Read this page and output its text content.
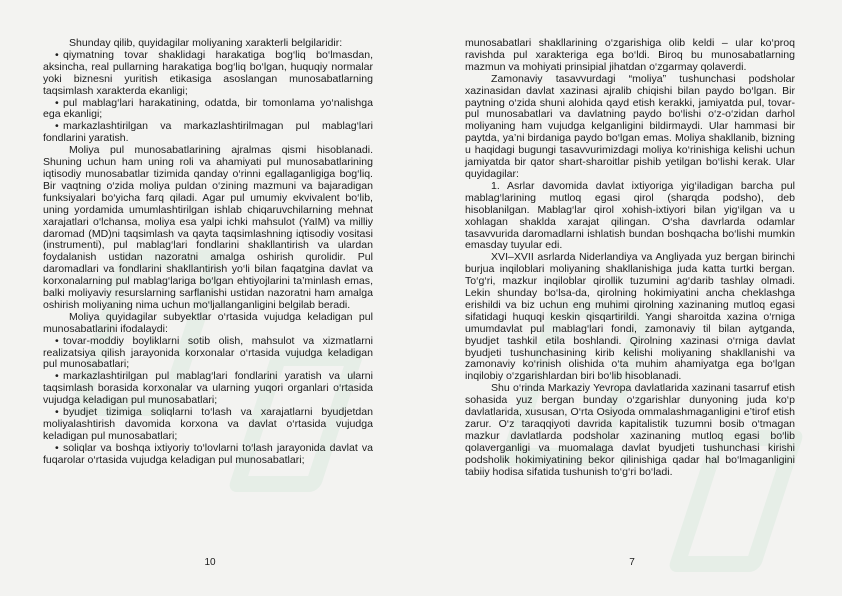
Shunday qilib, quyidagilar moliyaning xarakterli belgilaridir:

• qiymatning tovar shaklidagi harakatiga bog‘liq bo‘lmasdan, aksincha, real pullarning harakatiga bog‘liq bo‘lgan, huquqiy normalar yoki biznesni yuritish etikasiga asoslangan munosabatlarning taqsimlash xarakterda ekanligi;

• pul mablag‘lari harakatining, odatda, bir tomonlama yo‘nalishga ega ekanligi;

• markazlashtirilgan va markazlashtirilmagan pul mablag‘lari fondlarini yaratish.

Moliya pul munosabatlarining ajralmas qismi hisoblanadi. Shuning uchun ham uning roli va ahamiyati pul munosabatlarining iqtisodiy munosabatlar tizimida qanday o‘rinni egallaganligiga bog‘liq. Bir vaqtning o‘zida moliya puldan o‘zining mazmuni va bajaradigan funksiyalari bo‘yicha farq qiladi. Agar pul umumiy ekvivalent bo‘lib, uning yordamida umumlashtirilgan ishlab chiqaruvchilarning mehnat xarajatlari o‘lchansa, moliya esa yalpi ichki mahsulot (YaIM) va milliy daromad (MD)ni taqsimlash va qayta taqsimlashning iqtisodiy vositasi (instrumenti), pul mablag‘lari fondlarini shakllantirish va ulardan foydalanish ustidan nazoratni amalga oshirish qurolidir. Pul daromadlari va fondlarini shakllantirish yo‘li bilan faqatgina davlat va korxonalarning pul mablag‘lariga bo‘lgan ehtiyojlarini ta’minlash emas, balki moliyaviy resurslarning sarflanishi ustidan nazoratni ham amalga oshirish moliyaning nima uchun mo‘ljallanganligini belgilab beradi.

Moliya quyidagilar subyektlar o‘rtasida vujudga keladigan pul munosabatlarini ifodalaydi:

• tovar-moddiy boyliklarni sotib olish, mahsulot va xizmatlarni realizatsiya qilish jarayonida korxonalar o‘rtasida vujudga keladigan pul munosabatlari;

• markazlashtirilgan pul mablag‘lari fondlarini yaratish va ularni taqsimlash borasida korxonalar va ularning yuqori organlari o‘rtasida vujudga keladigan pul munosabatlari;

• byudjet tizimiga soliqlarni to‘lash va xarajatlarni byudjetdan moliyalashtirish davomida korxona va davlat o‘rtasida vujudga keladigan pul munosabatlari;

• soliqlar va boshqa ixtiyoriy to‘lovlarni to‘lash jarayonida davlat va fuqarolar o‘rtasida vujudga keladigan pul munosabatlari;

10

munosabatlari shakllarining o‘zgarishiga olib keldi – ular ko‘proq ravishda pul xarakteriga ega bo‘ldi. Biroq bu munosabatlarning mazmun va mohiyati prinsipial jihatdan o‘zgarmay qolaverdi.

Zamonaviy tasavvurdagi “moliya” tushunchasi podsholar xazinasidan davlat xazinasi ajralib chiqishi bilan paydo bo‘lgan. Bir paytning o‘zida shuni alohida qayd etish kerakki, jamiyatda pul, tovar-pul munosabatlari va davlatning paydo bo‘lishi o‘z-o‘zidan darhol moliyaning ham vujudga kelganligini bildirmaydi. Ular hammasi bir paytda, ya’ni birdaniga paydo bo‘lgan emas. Moliya shakllanib, bizning u haqidagi bugungi tasavvurimizdagi moliya ko‘rinishiga kelishi uchun jamiyatda bir qator shart-sharoitlar pishib yetilgan bo‘lishi kerak. Ular quyidagilar:

1. Asrlar davomida davlat ixtiyoriga yig‘iladigan barcha pul mablag‘larining mutloq egasi qirol (sharqda podsho), deb hisoblanilgan. Mablag‘lar qirol xohish-ixtiyori bilan yig‘ilgan va u xohlagan shaklda xarajat qilingan. O‘sha davrlarda odamlar tasavvurida daromadlarni ishlatish bundan boshqacha bo‘lishi mumkin emasday tuyular edi.

XVI–XVII asrlarda Niderlandiya va Angliyada yuz bergan birinchi burjua inqiloblari moliyaning shakllanishiga juda katta turtki bergan. To‘g‘ri, mazkur inqiloblar qirollik tuzumini ag‘darib tashlay olmadi. Lekin shunday bo‘lsa-da, qirolning hokimiyatini ancha cheklashga erishildi va biz uchun eng muhimi qirolning xazinaning mutloq egasi sifatidagi huquqi keskin qisqartirildi. Yangi sharoitda xazina o‘rniga umumdavlat pul mablag‘lari fondi, zamonaviy til bilan aytganda, byudjet tashkil etila boshlandi. Qirolning xazinasi o‘rniga davlat byudjeti tushunchasining kirib kelishi moliyaning shakllanishi va zamonaviy ko‘rinish olishida o‘ta muhim ahamiyatga ega bo‘lgan inqilobiy o‘zgarishlardan biri bo‘lib hisoblanadi.

Shu o‘rinda Markaziy Yevropa davlatlarida xazinani tasarruf etish sohasida yuz bergan bunday o‘zgarishlar dunyoning juda ko‘p davlatlarida, xususan, O‘rta Osiyoda ommalashmaganligini e’tirof etish zarur. O‘z taraqqiyoti davrida kapitalistik tuzumni bosib o‘tmagan mazkur davlatlarda podsholar xazinaning mutloq egasi bo‘lib qolaverganligi va muomalaga davlat byudjeti tushunchasi kirishi podsholik hokimiyatining bekor qilinishiga qadar hal bo‘lmaganligini tabiiy hodisa sifatida tushunish to‘g‘ri bo‘ladi.

7
